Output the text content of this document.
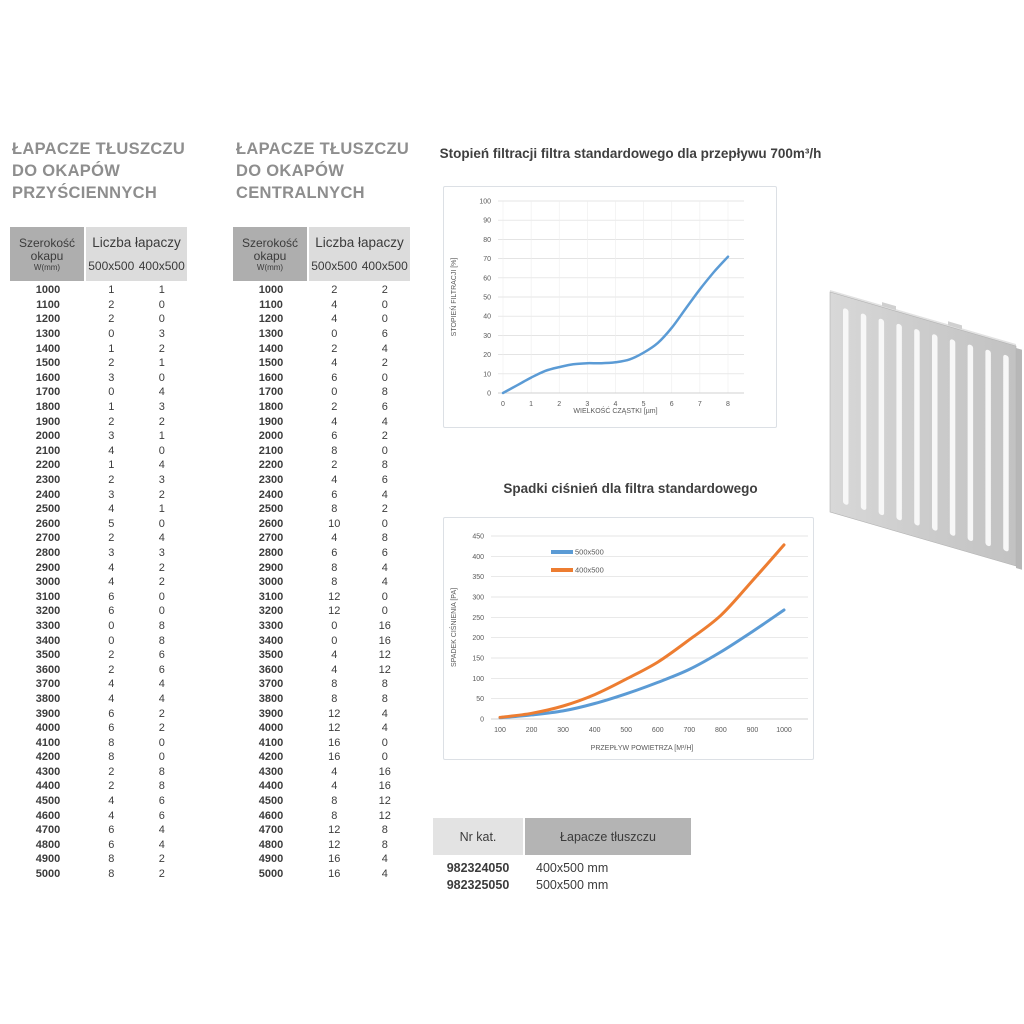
ŁAPACZE TŁUSZCZU
DO OKAPÓW
PRZYŚCIENNYCH
Szerokość
okapu
W(mm)
Liczba łapaczy
500x500 400x500
1000	1	1
1100	2	0
1200	2	0
1300	0	3
1400	1	2
1500	2	1
1600	3	0
1700	0	4
1800	1	3
1900	2	2
2000	3	1
2100	4	0
2200	1	4
2300	2	3
2400	3	2
2500	4	1
2600	5	0
2700	2	4
2800	3	3
2900	4	2
3000	4	2
3100	6	0
3200	6	0
3300	0	8
3400	0	8
3500	2	6
3600	2	6
3700	4	4
3800	4	4
3900	6	2
4000	6	2
4100	8	0
4200	8	0
4300	2	8
4400	2	8
4500	4	6
4600	4	6
4700	6	4
4800	6	4
4900	8	2
5000	8	2
ŁAPACZE TŁUSZCZU
DO OKAPÓW
CENTRALNYCH
Szerokość
okapu
W(mm)
Liczba łapaczy
500x500 400x500
1000	2	2
1100	4	0
1200	4	0
1300	0	6
1400	2	4
1500	4	2
1600	6	0
1700	0	8
1800	2	6
1900	4	4
2000	6	2
2100	8	0
2200	2	8
2300	4	6
2400	6	4
2500	8	2
2600	10	0
2700	4	8
2800	6	6
2900	8	4
3000	8	4
3100	12	0
3200	12	0
3300	0	16
3400	0	16
3500	4	12
3600	4	12
3700	8	8
3800	8	8
3900	12	4
4000	12	4
4100	16	0
4200	16	0
4300	4	16
4400	4	16
4500	8	12
4600	8	12
4700	12	8
4800	12	8
4900	16	4
5000	16	4
Stopień filtracji filtra standardowego dla przepływu 700m³/h
0
10
20
30
40
50
60
70
80
90
100
0	1	2	3	4	5	6	7	8
WIELKOŚĆ CZĄSTKI [µm]
STOPIEŃ FILTRACJI [%]
Spadki ciśnień dla filtra standardowego
0
50
100
150
200
250
300
350
400
450
100	200	300	400	500	600	700	800	900	1000
500x500
400x500
PRZEPŁYW POWIETRZA [M³/H]
SPADEK CIŚNIENIA [PA]
Nr kat.	Łapacze tłuszczu
982324050	400x500 mm
982325050	500x500 mm
